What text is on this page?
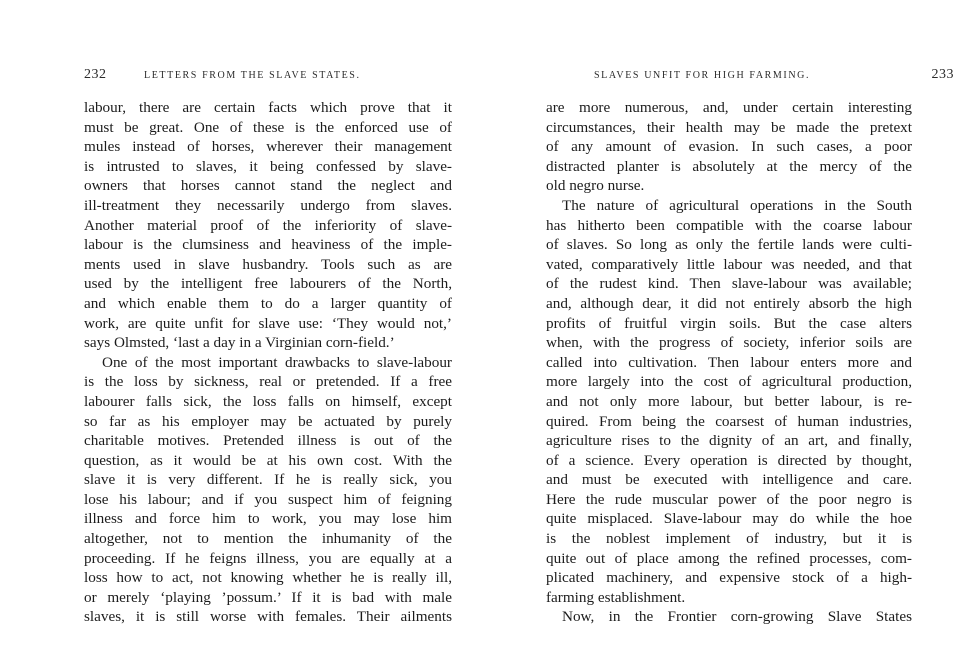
232	LETTERS FROM THE SLAVE STATES.
labour, there are certain facts which prove that it
must be great. One of these is the enforced use of
mules instead of horses, wherever their management
is intrusted to slaves, it being confessed by slave-
owners that horses cannot stand the neglect and
ill-treatment they necessarily undergo from slaves.
Another material proof of the inferiority of slave-
labour is the clumsiness and heaviness of the imple-
ments used in slave husbandry. Tools such as are
used by the intelligent free labourers of the North,
and which enable them to do a larger quantity of
work, are quite unfit for slave use: ‘They would not,’
says Olmsted, ‘last a day in a Virginian corn-field.’
One of the most important drawbacks to slave-labour
is the loss by sickness, real or pretended. If a free
labourer falls sick, the loss falls on himself, except
so far as his employer may be actuated by purely
charitable motives. Pretended illness is out of the
question, as it would be at his own cost. With the
slave it is very different. If he is really sick, you
lose his labour; and if you suspect him of feigning
illness and force him to work, you may lose him
altogether, not to mention the inhumanity of the
proceeding. If he feigns illness, you are equally at a
loss how to act, not knowing whether he is really ill,
or merely ‘playing ’possum.’ If it is bad with male
slaves, it is still worse with females. Their ailments
SLAVES UNFIT FOR HIGH FARMING.	233
are more numerous, and, under certain interesting
circumstances, their health may be made the pretext
of any amount of evasion. In such cases, a poor
distracted planter is absolutely at the mercy of the
old negro nurse.
The nature of agricultural operations in the South
has hitherto been compatible with the coarse labour
of slaves. So long as only the fertile lands were culti-
vated, comparatively little labour was needed, and that
of the rudest kind. Then slave-labour was available;
and, although dear, it did not entirely absorb the high
profits of fruitful virgin soils. But the case alters
when, with the progress of society, inferior soils are
called into cultivation. Then labour enters more and
more largely into the cost of agricultural production,
and not only more labour, but better labour, is re-
quired. From being the coarsest of human industries,
agriculture rises to the dignity of an art, and finally,
of a science. Every operation is directed by thought,
and must be executed with intelligence and care.
Here the rude muscular power of the poor negro is
quite misplaced. Slave-labour may do while the hoe
is the noblest implement of industry, but it is
quite out of place among the refined processes, com-
plicated machinery, and expensive stock of a high-
farming establishment.
Now, in the Frontier corn-growing Slave States
